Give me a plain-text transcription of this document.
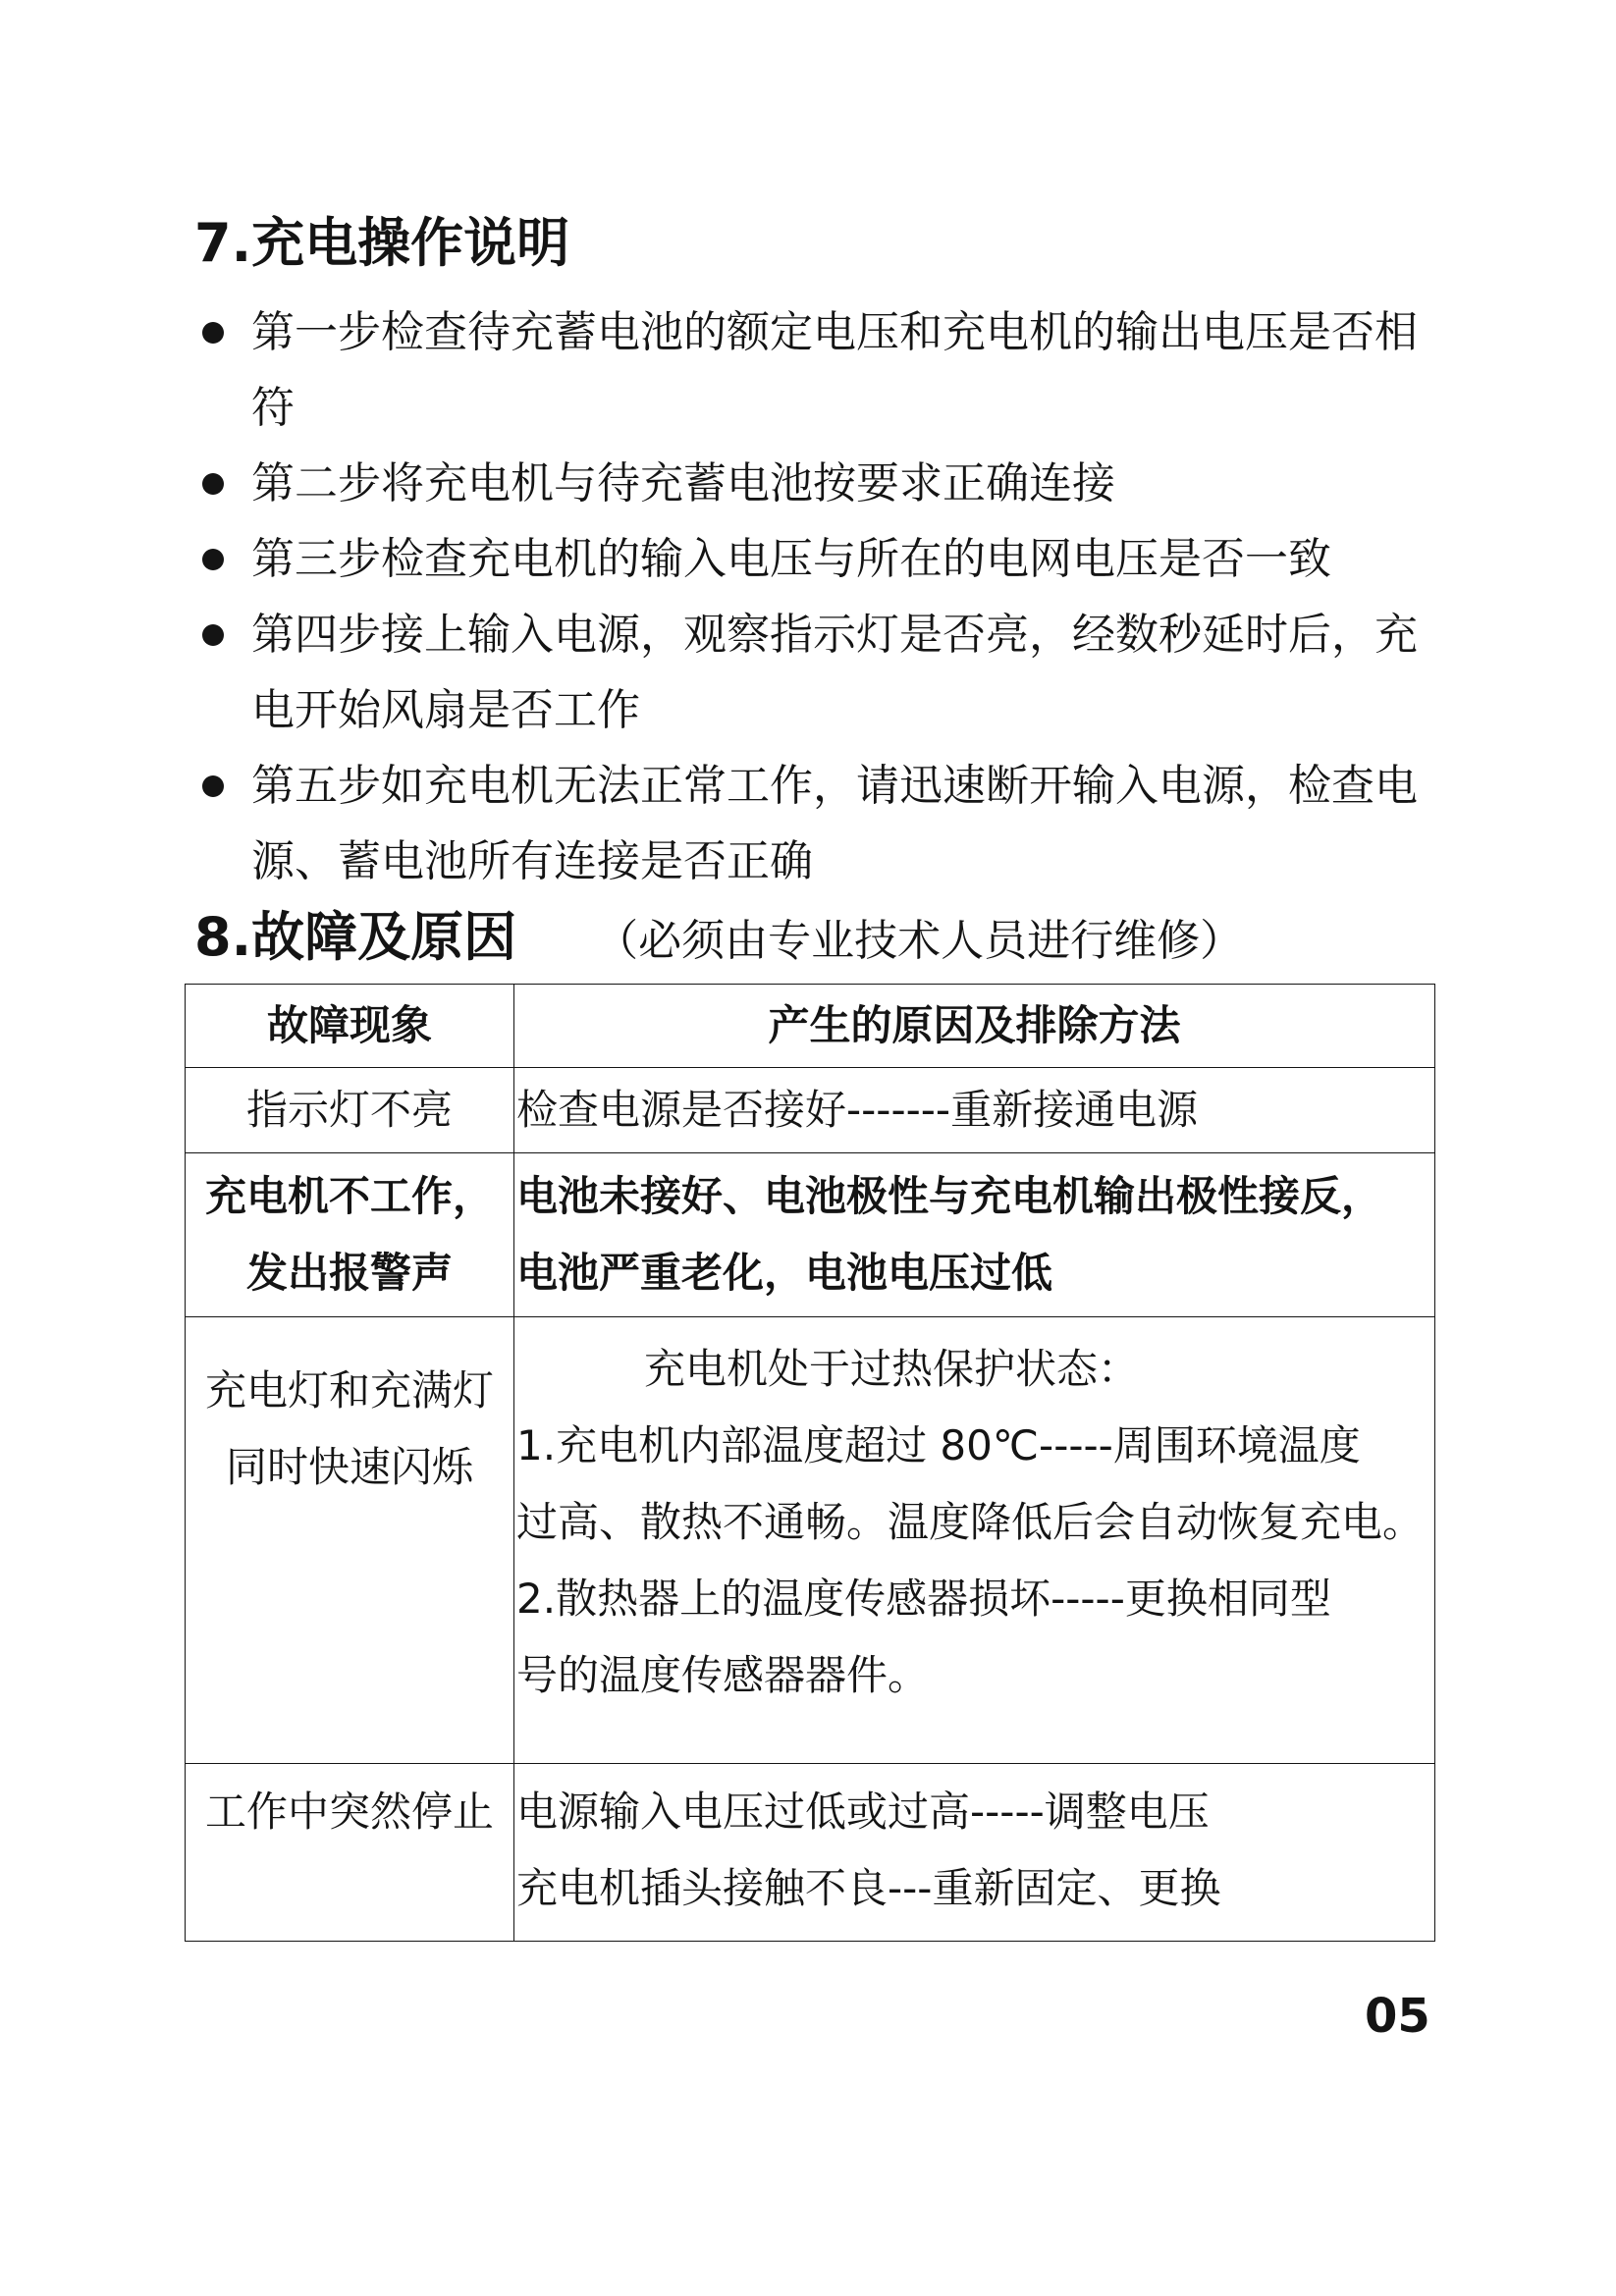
7.充电操作说明
第一步检查待充蓄电池的额定电压和充电机的输出电压是否相符
第二步将充电机与待充蓄电池按要求正确连接
第三步检查充电机的输入电压与所在的电网电压是否一致
第四步接上输入电源，观察指示灯是否亮，经数秒延时后，充电开始风扇是否工作
第五步如充电机无法正常工作，请迅速断开输入电源，检查电源、蓄电池所有连接是否正确
8.故障及原因 （必须由专业技术人员进行维修）
故障现象	产生的原因及排除方法

指示灯不亮	检查电源是否接好-------重新接通电源

充电机不工作，
发出报警声	电池未接好、电池极性与充电机输出极性接反，
电池严重老化，电池电压过低

充电灯和充满灯
同时快速闪烁	充电机处于过热保护状态：
1.充电机内部温度超过 80℃-----周围环境温度
过高、散热不通畅。温度降低后会自动恢复充电。
2.散热器上的温度传感器损坏-----更换相同型
号的温度传感器器件。

工作中突然停止	电源输入电压过低或过高-----调整电压
充电机插头接触不良---重新固定、更换

05
